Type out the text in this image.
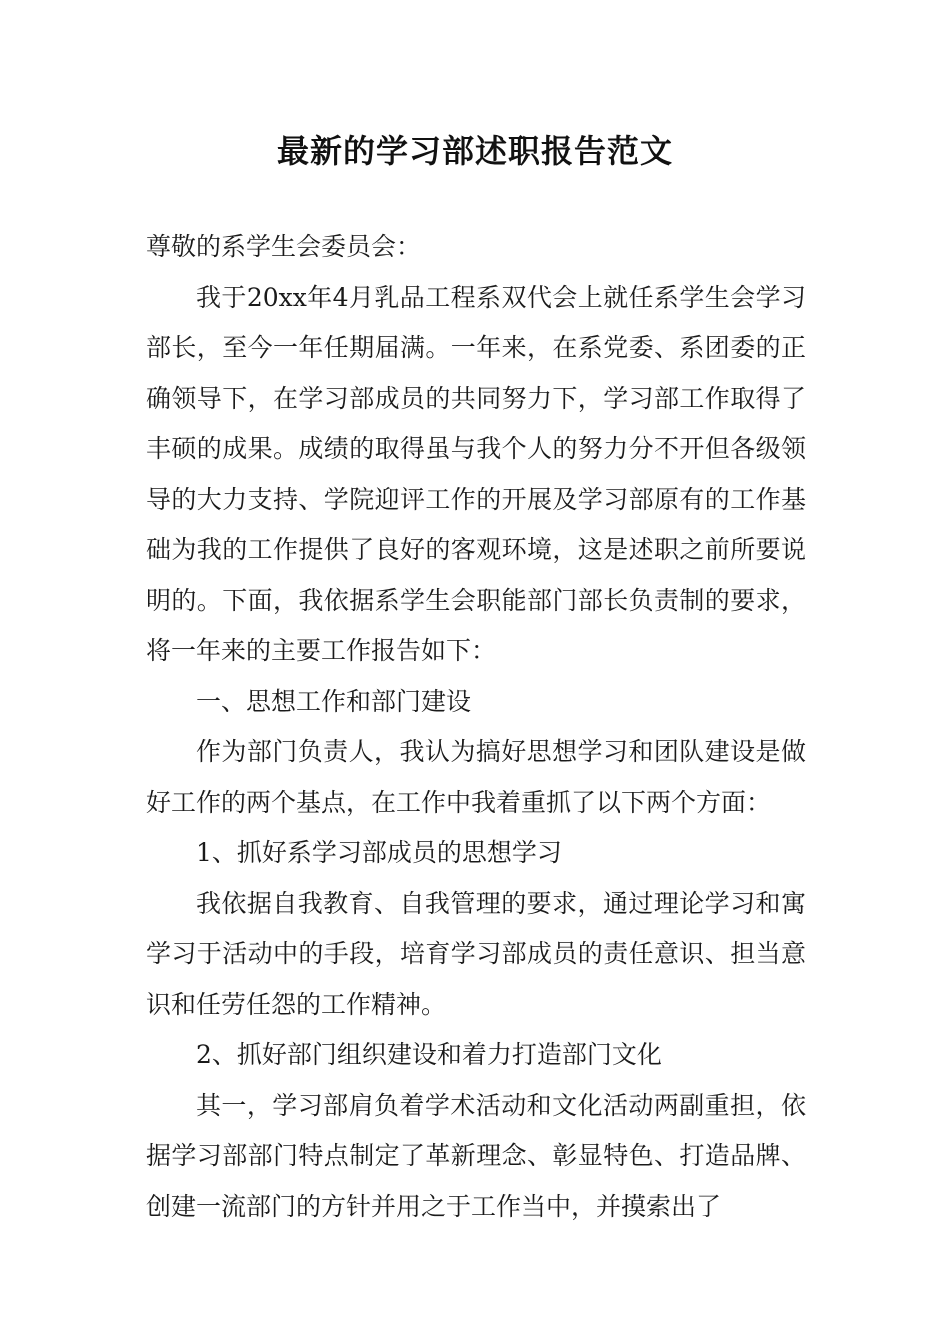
最新的学习部述职报告范文

尊敬的系学生会委员会：

我于20xx年4月乳品工程系双代会上就任系学生会学习部长，至今一年任期届满。一年来，在系党委、系团委的正确领导下，在学习部成员的共同努力下，学习部工作取得了丰硕的成果。成绩的取得虽与我个人的努力分不开但各级领导的大力支持、学院迎评工作的开展及学习部原有的工作基础为我的工作提供了良好的客观环境，这是述职之前所要说明的。下面，我依据系学生会职能部门部长负责制的要求，将一年来的主要工作报告如下：

一、思想工作和部门建设

作为部门负责人，我认为搞好思想学习和团队建设是做好工作的两个基点，在工作中我着重抓了以下两个方面：

1、抓好系学习部成员的思想学习

我依据自我教育、自我管理的要求，通过理论学习和寓学习于活动中的手段，培育学习部成员的责任意识、担当意识和任劳任怨的工作精神。

2、抓好部门组织建设和着力打造部门文化

其一，学习部肩负着学术活动和文化活动两副重担，依据学习部部门特点制定了革新理念、彰显特色、打造品牌、创建一流部门的方针并用之于工作当中，并摸索出了
